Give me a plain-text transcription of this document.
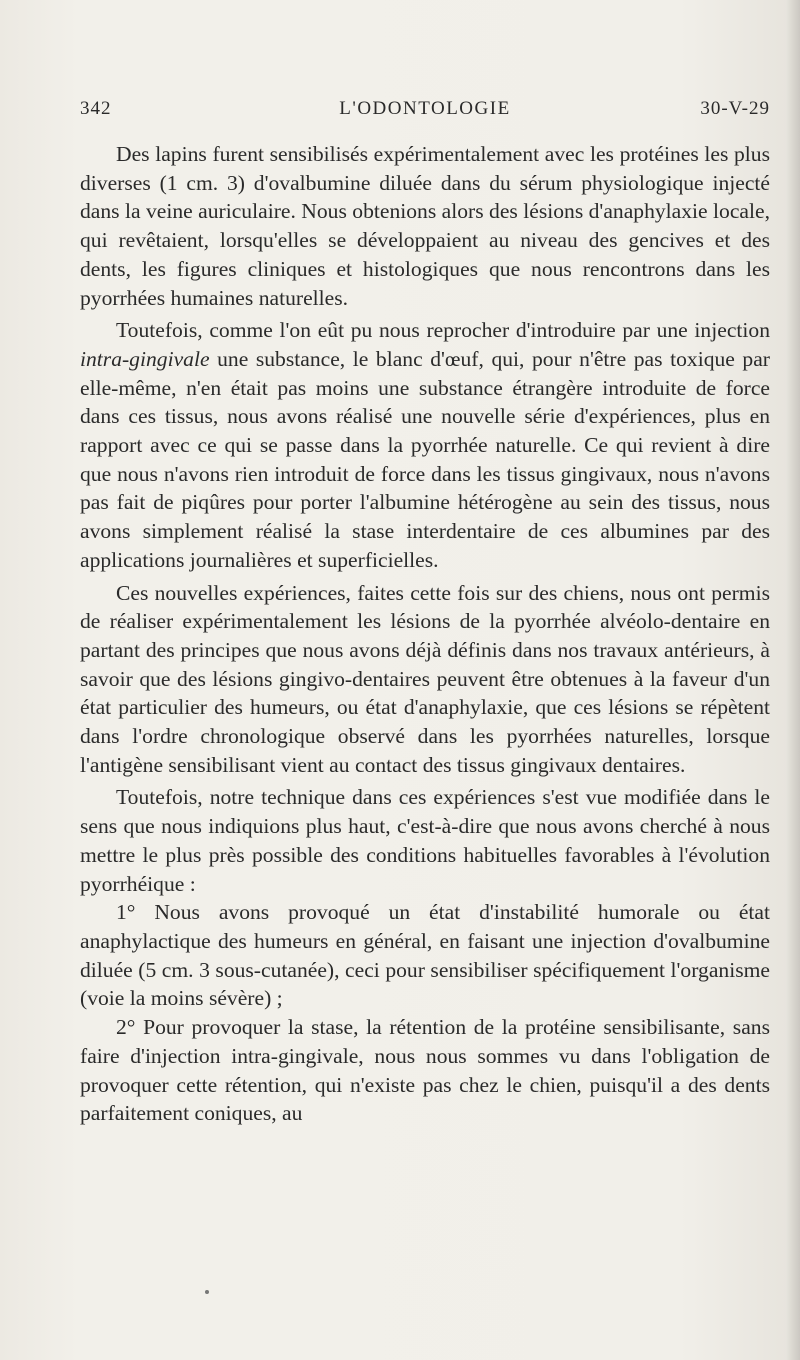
342	L'ODONTOLOGIE	30-V-29

Des lapins furent sensibilisés expérimentalement avec les protéines les plus diverses (1 cm. 3) d'ovalbumine diluée dans du sérum physiologique injecté dans la veine auriculaire. Nous obtenions alors des lésions d'anaphylaxie locale, qui revêtaient, lorsqu'elles se développaient au niveau des gencives et des dents, les figures cliniques et histologiques que nous rencontrons dans les pyorrhées humaines naturelles.

Toutefois, comme l'on eût pu nous reprocher d'introduire par une injection intra-gingivale une substance, le blanc d'œuf, qui, pour n'être pas toxique par elle-même, n'en était pas moins une substance étrangère introduite de force dans ces tissus, nous avons réalisé une nouvelle série d'expériences, plus en rapport avec ce qui se passe dans la pyorrhée naturelle. Ce qui revient à dire que nous n'avons rien introduit de force dans les tissus gingivaux, nous n'avons pas fait de piqûres pour porter l'albumine hétérogène au sein des tissus, nous avons simplement réalisé la stase interdentaire de ces albumines par des applications journalières et superficielles.

Ces nouvelles expériences, faites cette fois sur des chiens, nous ont permis de réaliser expérimentalement les lésions de la pyorrhée alvéolo-dentaire en partant des principes que nous avons déjà définis dans nos travaux antérieurs, à savoir que des lésions gingivo-dentaires peuvent être obtenues à la faveur d'un état particulier des humeurs, ou état d'anaphylaxie, que ces lésions se répètent dans l'ordre chronologique observé dans les pyorrhées naturelles, lorsque l'antigène sensibilisant vient au contact des tissus gingivaux dentaires.

Toutefois, notre technique dans ces expériences s'est vue modifiée dans le sens que nous indiquions plus haut, c'est-à-dire que nous avons cherché à nous mettre le plus près possible des conditions habituelles favorables à l'évolution pyorrhéique :

1° Nous avons provoqué un état d'instabilité humorale ou état anaphylactique des humeurs en général, en faisant une injection d'ovalbumine diluée (5 cm. 3 sous-cutanée), ceci pour sensibiliser spécifiquement l'organisme (voie la moins sévère) ;

2° Pour provoquer la stase, la rétention de la protéine sensibilisante, sans faire d'injection intra-gingivale, nous nous sommes vu dans l'obligation de provoquer cette rétention, qui n'existe pas chez le chien, puisqu'il a des dents parfaitement coniques, au
